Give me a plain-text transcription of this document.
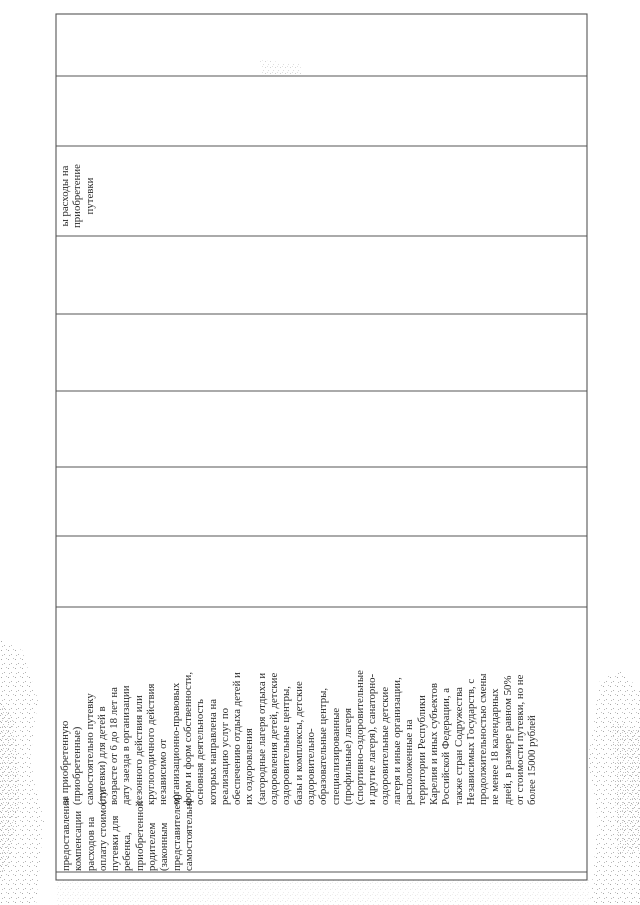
предоставления компенсации расходов на оплату стоимости путевки для ребенка, приобретенной родителем (законным представителем) самостоятельно
за приобретенную (приобретенные) самостоятельно путевку (путевки) для детей в возрасте от 6 до 18 лет на дату заезда в организации сезонного действия или круглогодичного действия независимо от организационно-правовых форм и форм собственности, основная деятельность которых направлена на реализацию услуг по обеспечению отдыха детей и их оздоровления (загородные лагеря отдыха и оздоровления детей, детские оздоровительные центры, базы и комплексы, детские оздоровительно- образовательные центры, специализированные (профильные) лагеря (спортивно-оздоровительные и другие лагеря), санаторно- оздоровительные детские лагеря и иные организации, расположенные на территории Республики Карелия и иных субъектов Российской Федерации, а также стран Содружества Независимых Государств, с продолжительностью смены не менее 18 календарных дней, в размере равном 50% от стоимости путевки, но не более 15000 рублей
ы расходы на приобретение путевки
